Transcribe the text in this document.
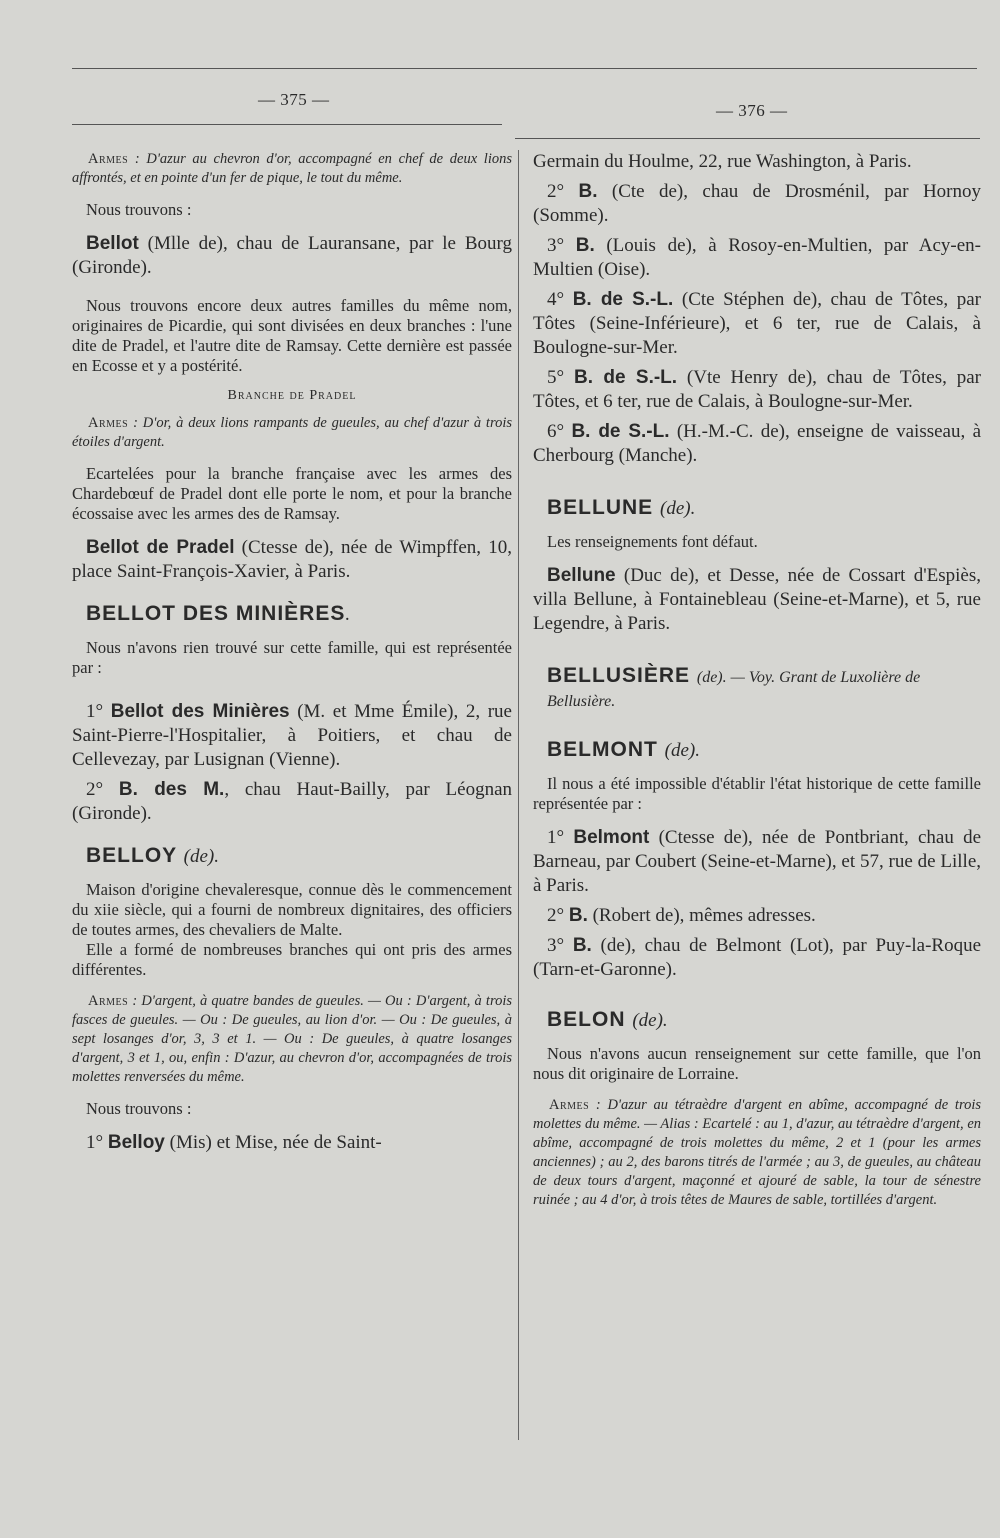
— 375 —
— 376 —

Armes : D'azur au chevron d'or, accompagné en chef de deux lions affrontés, et en pointe d'un fer de pique, le tout du même.

Nous trouvons :

Bellot (Mlle de), chau de Lauransane, par le Bourg (Gironde).

Nous trouvons encore deux autres familles du même nom, originaires de Picardie, qui sont divisées en deux branches : l'une dite de Pradel, et l'autre dite de Ramsay. Cette dernière est passée en Ecosse et y a postérité.

Branche de Pradel

Armes : D'or, à deux lions rampants de gueules, au chef d'azur à trois étoiles d'argent.

Ecartelées pour la branche française avec les armes des Chardebœuf de Pradel dont elle porte le nom, et pour la branche écossaise avec les armes des de Ramsay.

Bellot de Pradel (Ctesse de), née de Wimpffen, 10, place Saint-François-Xavier, à Paris.

BELLOT DES MINIÈRES.

Nous n'avons rien trouvé sur cette famille, qui est représentée par :

1° Bellot des Minières (M. et Mme Émile), 2, rue Saint-Pierre-l'Hospitalier, à Poitiers, et chau de Cellevezay, par Lusignan (Vienne).

2° B. des M., chau Haut-Bailly, par Léognan (Gironde).

BELLOY (de).

Maison d'origine chevaleresque, connue dès le commencement du xiie siècle, qui a fourni de nombreux dignitaires, des officiers de toutes armes, des chevaliers de Malte.

Elle a formé de nombreuses branches qui ont pris des armes différentes.

Armes : D'argent, à quatre bandes de gueules. — Ou : D'argent, à trois fasces de gueules. — Ou : De gueules, au lion d'or. — Ou : De gueules, à sept losanges d'or, 3, 3 et 1. — Ou : De gueules, à quatre losanges d'argent, 3 et 1, ou, enfin : D'azur, au chevron d'or, accompagnées de trois molettes renversées du même.

Nous trouvons :

1° Belloy (Mis) et Mise, née de Saint-

Germain du Houlme, 22, rue Washington, à Paris.

2° B. (Cte de), chau de Drosménil, par Hornoy (Somme).

3° B. (Louis de), à Rosoy-en-Multien, par Acy-en-Multien (Oise).

4° B. de S.-L. (Cte Stéphen de), chau de Tôtes, par Tôtes (Seine-Inférieure), et 6 ter, rue de Calais, à Boulogne-sur-Mer.

5° B. de S.-L. (Vte Henry de), chau de Tôtes, par Tôtes, et 6 ter, rue de Calais, à Boulogne-sur-Mer.

6° B. de S.-L. (H.-M.-C. de), enseigne de vaisseau, à Cherbourg (Manche).

BELLUNE (de).

Les renseignements font défaut.

Bellune (Duc de), et Desse, née de Cossart d'Espiès, villa Bellune, à Fontainebleau (Seine-et-Marne), et 5, rue Legendre, à Paris.

BELLUSIÈRE (de). — Voy. Grant de Luxolière de Bellusière.

BELMONT (de).

Il nous a été impossible d'établir l'état historique de cette famille représentée par :

1° Belmont (Ctesse de), née de Pontbriant, chau de Barneau, par Coubert (Seine-et-Marne), et 57, rue de Lille, à Paris.

2° B. (Robert de), mêmes adresses.

3° B. (de), chau de Belmont (Lot), par Puy-la-Roque (Tarn-et-Garonne).

BELON (de).

Nous n'avons aucun renseignement sur cette famille, que l'on nous dit originaire de Lorraine.

Armes : D'azur au tétraèdre d'argent en abîme, accompagné de trois molettes du même. — Alias : Ecartelé : au 1, d'azur, au tétraèdre d'argent, en abîme, accompagné de trois molettes du même, 2 et 1 (pour les armes anciennes) ; au 2, des barons titrés de l'armée ; au 3, de gueules, au château de deux tours d'argent, maçonné et ajouré de sable, la tour de sénestre ruinée ; au 4 d'or, à trois têtes de Maures de sable, tortillées d'argent.
